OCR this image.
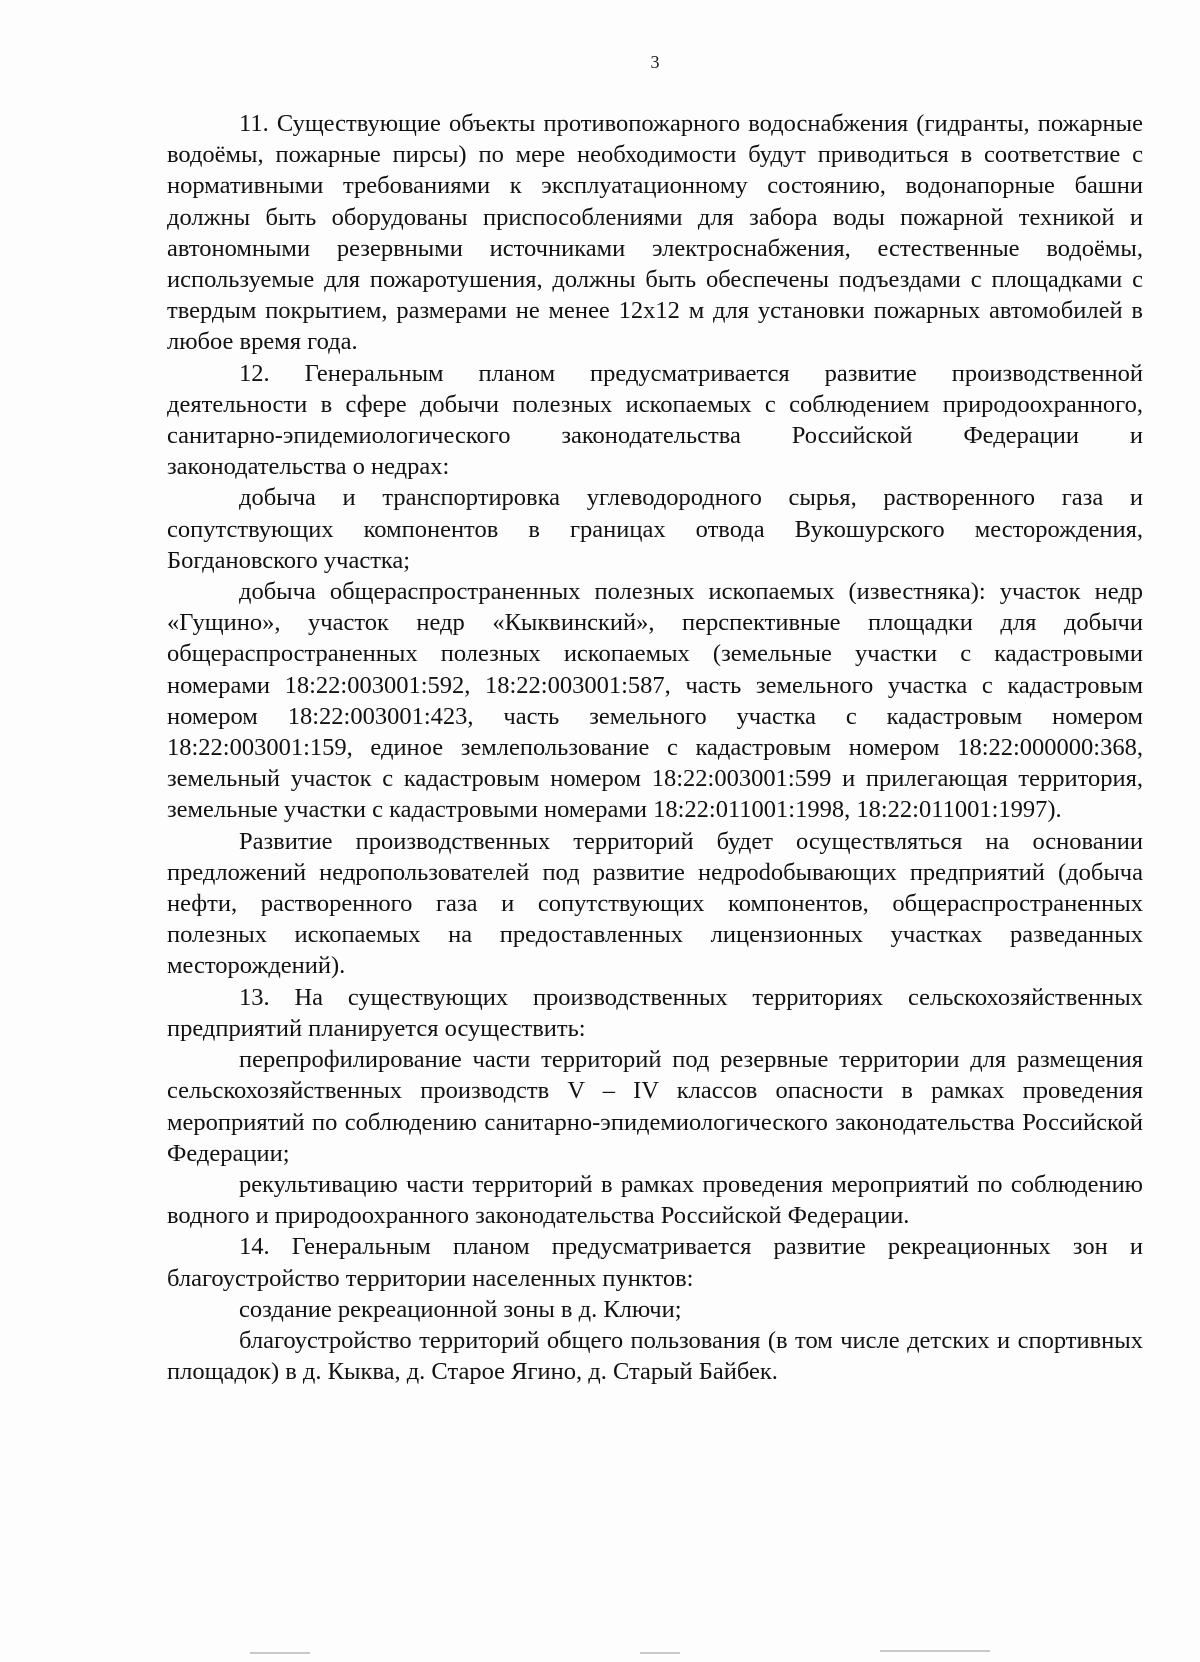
3

11. Существующие объекты противопожарного водоснабжения (гидранты, пожарные водоёмы, пожарные пирсы) по мере необходимости будут приводиться в соответствие с нормативными требованиями к эксплуатационному состоянию, водонапорные башни должны быть оборудованы приспособлениями для забора воды пожарной техникой и автономными резервными источниками электроснабжения, естественные водоёмы, используемые для пожаротушения, должны быть обеспечены подъездами с площадками с твердым покрытием, размерами не менее 12х12 м для установки пожарных автомобилей в любое время года.

12. Генеральным планом предусматривается развитие производственной деятельности в сфере добычи полезных ископаемых с соблюдением природоохранного, санитарно-эпидемиологического законодательства Российской Федерации и законодательства о недрах:

добыча и транспортировка углеводородного сырья, растворенного газа и сопутствующих компонентов в границах отвода Вукошурского месторождения, Богдановского участка;

добыча общераспространенных полезных ископаемых (известняка): участок недр «Гущино», участок недр «Кыквинский», перспективные площадки для добычи общераспространенных полезных ископаемых (земельные участки с кадастровыми номерами 18:22:003001:592, 18:22:003001:587, часть земельного участка с кадастровым номером 18:22:003001:423, часть земельного участка с кадастровым номером 18:22:003001:159, единое землепользование с кадастровым номером 18:22:000000:368, земельный участок с кадастровым номером 18:22:003001:599 и прилегающая территория, земельные участки с кадастровыми номерами 18:22:011001:1998, 18:22:011001:1997).

Развитие производственных территорий будет осуществляться на основании предложений недропользователей под развитие недрodобывающих предприятий (добыча нефти, растворенного газа и сопутствующих компонентов, общераспространенных полезных ископаемых на предоставленных лицензионных участках разведанных месторождений).

13. На существующих производственных территориях сельскохозяйственных предприятий планируется осуществить:

перепрофилирование части территорий под резервные территории для размещения сельскохозяйственных производств V – IV классов опасности в рамках проведения мероприятий по соблюдению санитарно-эпидемиологического законодательства Российской Федерации;

рекультивацию части территорий в рамках проведения мероприятий по соблюдению водного и природоохранного законодательства Российской Федерации.

14. Генеральным планом предусматривается развитие рекреационных зон и благоустройство территории населенных пунктов:

создание рекреационной зоны в д. Ключи;

благоустройство территорий общего пользования (в том числе детских и спортивных площадок) в д. Кыква, д. Старое Ягино, д. Старый Байбек.
